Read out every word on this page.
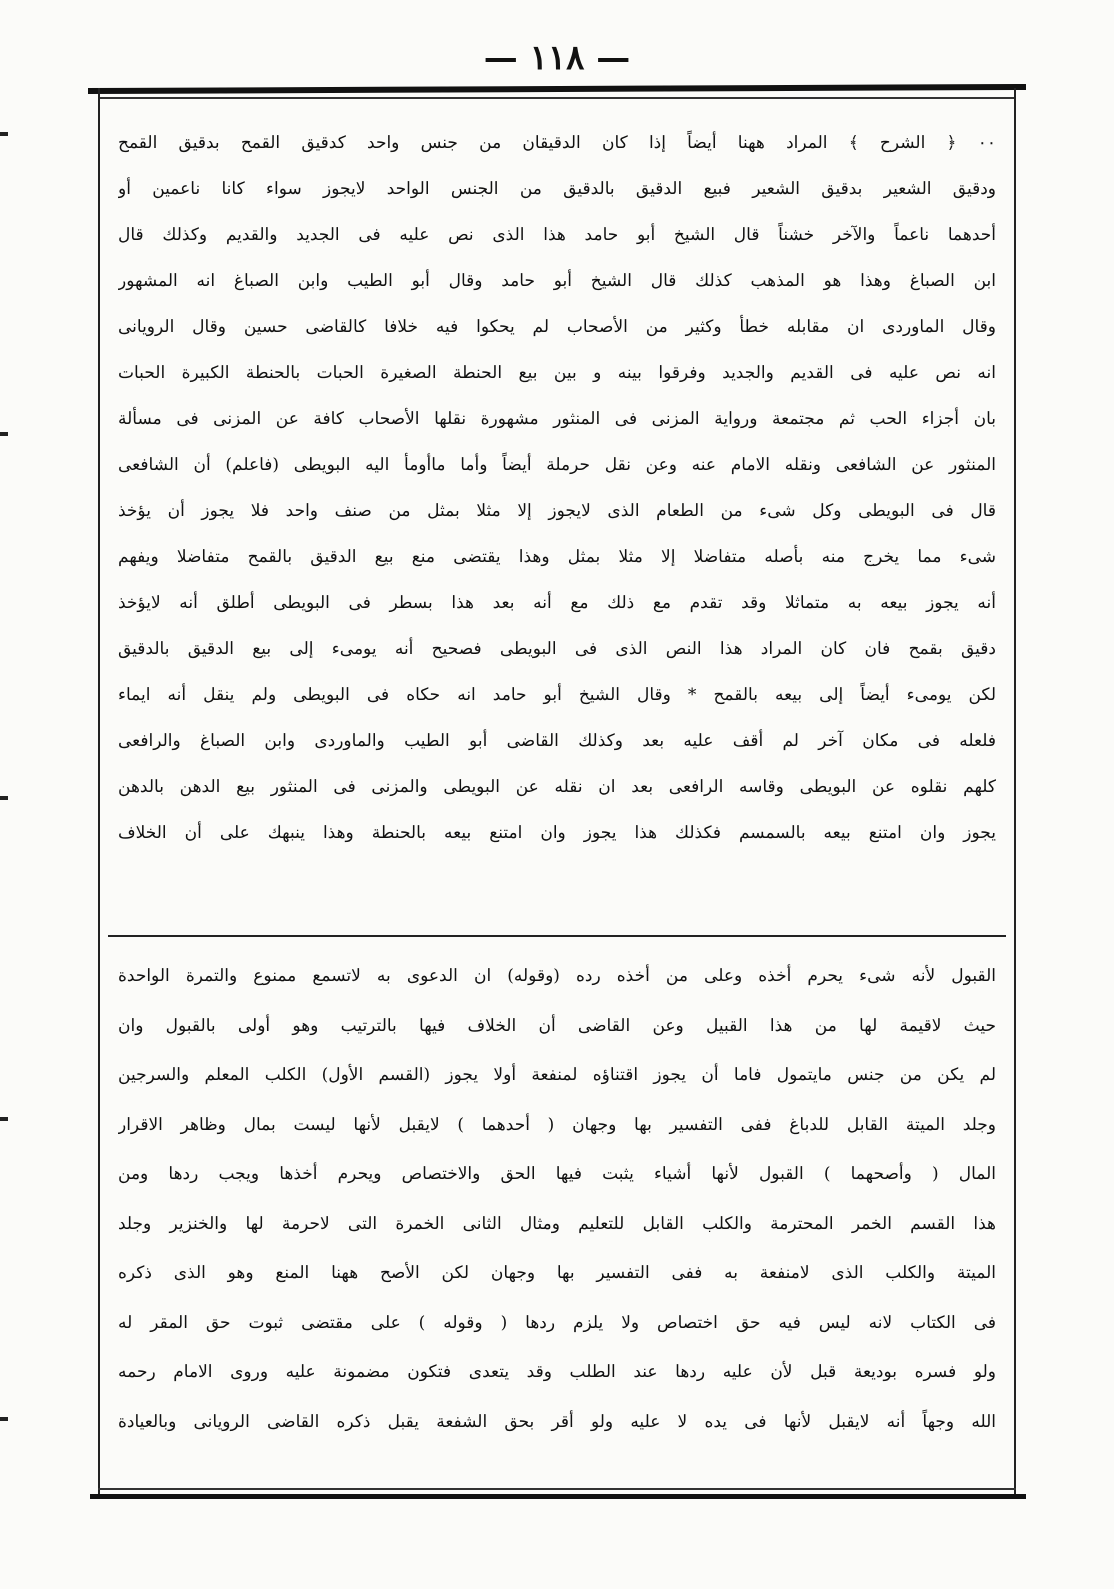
— ١١٨ —
٠٠ ﴿ الشرح ﴾ المراد ههنا أيضاً إذا كان الدقيقان من جنس واحد كدقيق القمح بدقيق القمح
ودقيق الشعير بدقيق الشعير فبيع الدقيق بالدقيق من الجنس الواحد لايجوز سواء كانا ناعمين أو
أحدهما ناعماً والآخر خشناً قال الشيخ أبو حامد هذا الذى نص عليه فى الجديد والقديم وكذلك قال
ابن الصباغ وهذا هو المذهب كذلك قال الشيخ أبو حامد وقال أبو الطيب وابن الصباغ انه المشهور
وقال الماوردى ان مقابله خطأ وكثير من الأصحاب لم يحكوا فيه خلافا كالقاضى حسين وقال الرويانى
انه نص عليه فى القديم والجديد وفرقوا بينه و بين بيع الحنطة الصغيرة الحبات بالحنطة الكبيرة الحبات
بان أجزاء الحب ثم مجتمعة ورواية المزنى فى المنثور مشهورة نقلها الأصحاب كافة عن المزنى فى مسألة
المنثور عن الشافعى ونقله الامام عنه وعن نقل حرملة أيضاً وأما ماأومأ اليه البويطى (فاعلم) أن الشافعى
قال فى البويطى وكل شىء من الطعام الذى لايجوز إلا مثلا بمثل من صنف واحد فلا يجوز أن يؤخذ
شىء مما يخرج منه بأصله متفاضلا إلا مثلا بمثل وهذا يقتضى منع بيع الدقيق بالقمح متفاضلا ويفهم
أنه يجوز بيعه به متماثلا وقد تقدم مع ذلك مع أنه بعد هذا بسطر فى البويطى أطلق أنه لايؤخذ
دقيق بقمح فان كان المراد هذا النص الذى فى البويطى فصحيح أنه يومىء إلى بيع الدقيق بالدقيق
لكن يومىء أيضاً إلى بيعه بالقمح * وقال الشيخ أبو حامد انه حكاه فى البويطى ولم ينقل أنه ايماء
فلعله فى مكان آخر لم أقف عليه بعد وكذلك القاضى أبو الطيب والماوردى وابن الصباغ والرافعى
كلهم نقلوه عن البويطى وقاسه الرافعى بعد ان نقله عن البويطى والمزنى فى المنثور بيع الدهن بالدهن
يجوز وان امتنع بيعه بالسمسم فكذلك هذا يجوز وان امتنع بيعه بالحنطة وهذا ينبهك على أن الخلاف
القبول لأنه شىء يحرم أخذه وعلى من أخذه رده (وقوله) ان الدعوى به لاتسمع ممنوع والتمرة الواحدة
حيث لاقيمة لها من هذا القبيل وعن القاضى أن الخلاف فيها بالترتيب وهو أولى بالقبول وان
لم يكن من جنس مايتمول فاما أن يجوز اقتناؤه لمنفعة أولا يجوز (القسم الأول) الكلب المعلم والسرجين
وجلد الميتة القابل للدباغ ففى التفسير بها وجهان ( أحدهما ) لايقبل لأنها ليست بمال وظاهر الاقرار
المال ( وأصحهما ) القبول لأنها أشياء يثبت فيها الحق والاختصاص ويحرم أخذها ويجب ردها ومن
هذا القسم الخمر المحترمة والكلب القابل للتعليم ومثال الثانى الخمرة التى لاحرمة لها والخنزير وجلد
الميتة والكلب الذى لامنفعة به ففى التفسير بها وجهان لكن الأصح ههنا المنع وهو الذى ذكره
فى الكتاب لانه ليس فيه حق اختصاص ولا يلزم ردها ( وقوله ) على مقتضى ثبوت حق المقر له
ولو فسره بوديعة قبل لأن عليه ردها عند الطلب وقد يتعدى فتكون مضمونة عليه وروى الامام رحمه
الله وجهاً أنه لايقبل لأنها فى يده لا عليه ولو أقر بحق الشفعة يقبل ذكره القاضى الرويانى وبالعيادة
